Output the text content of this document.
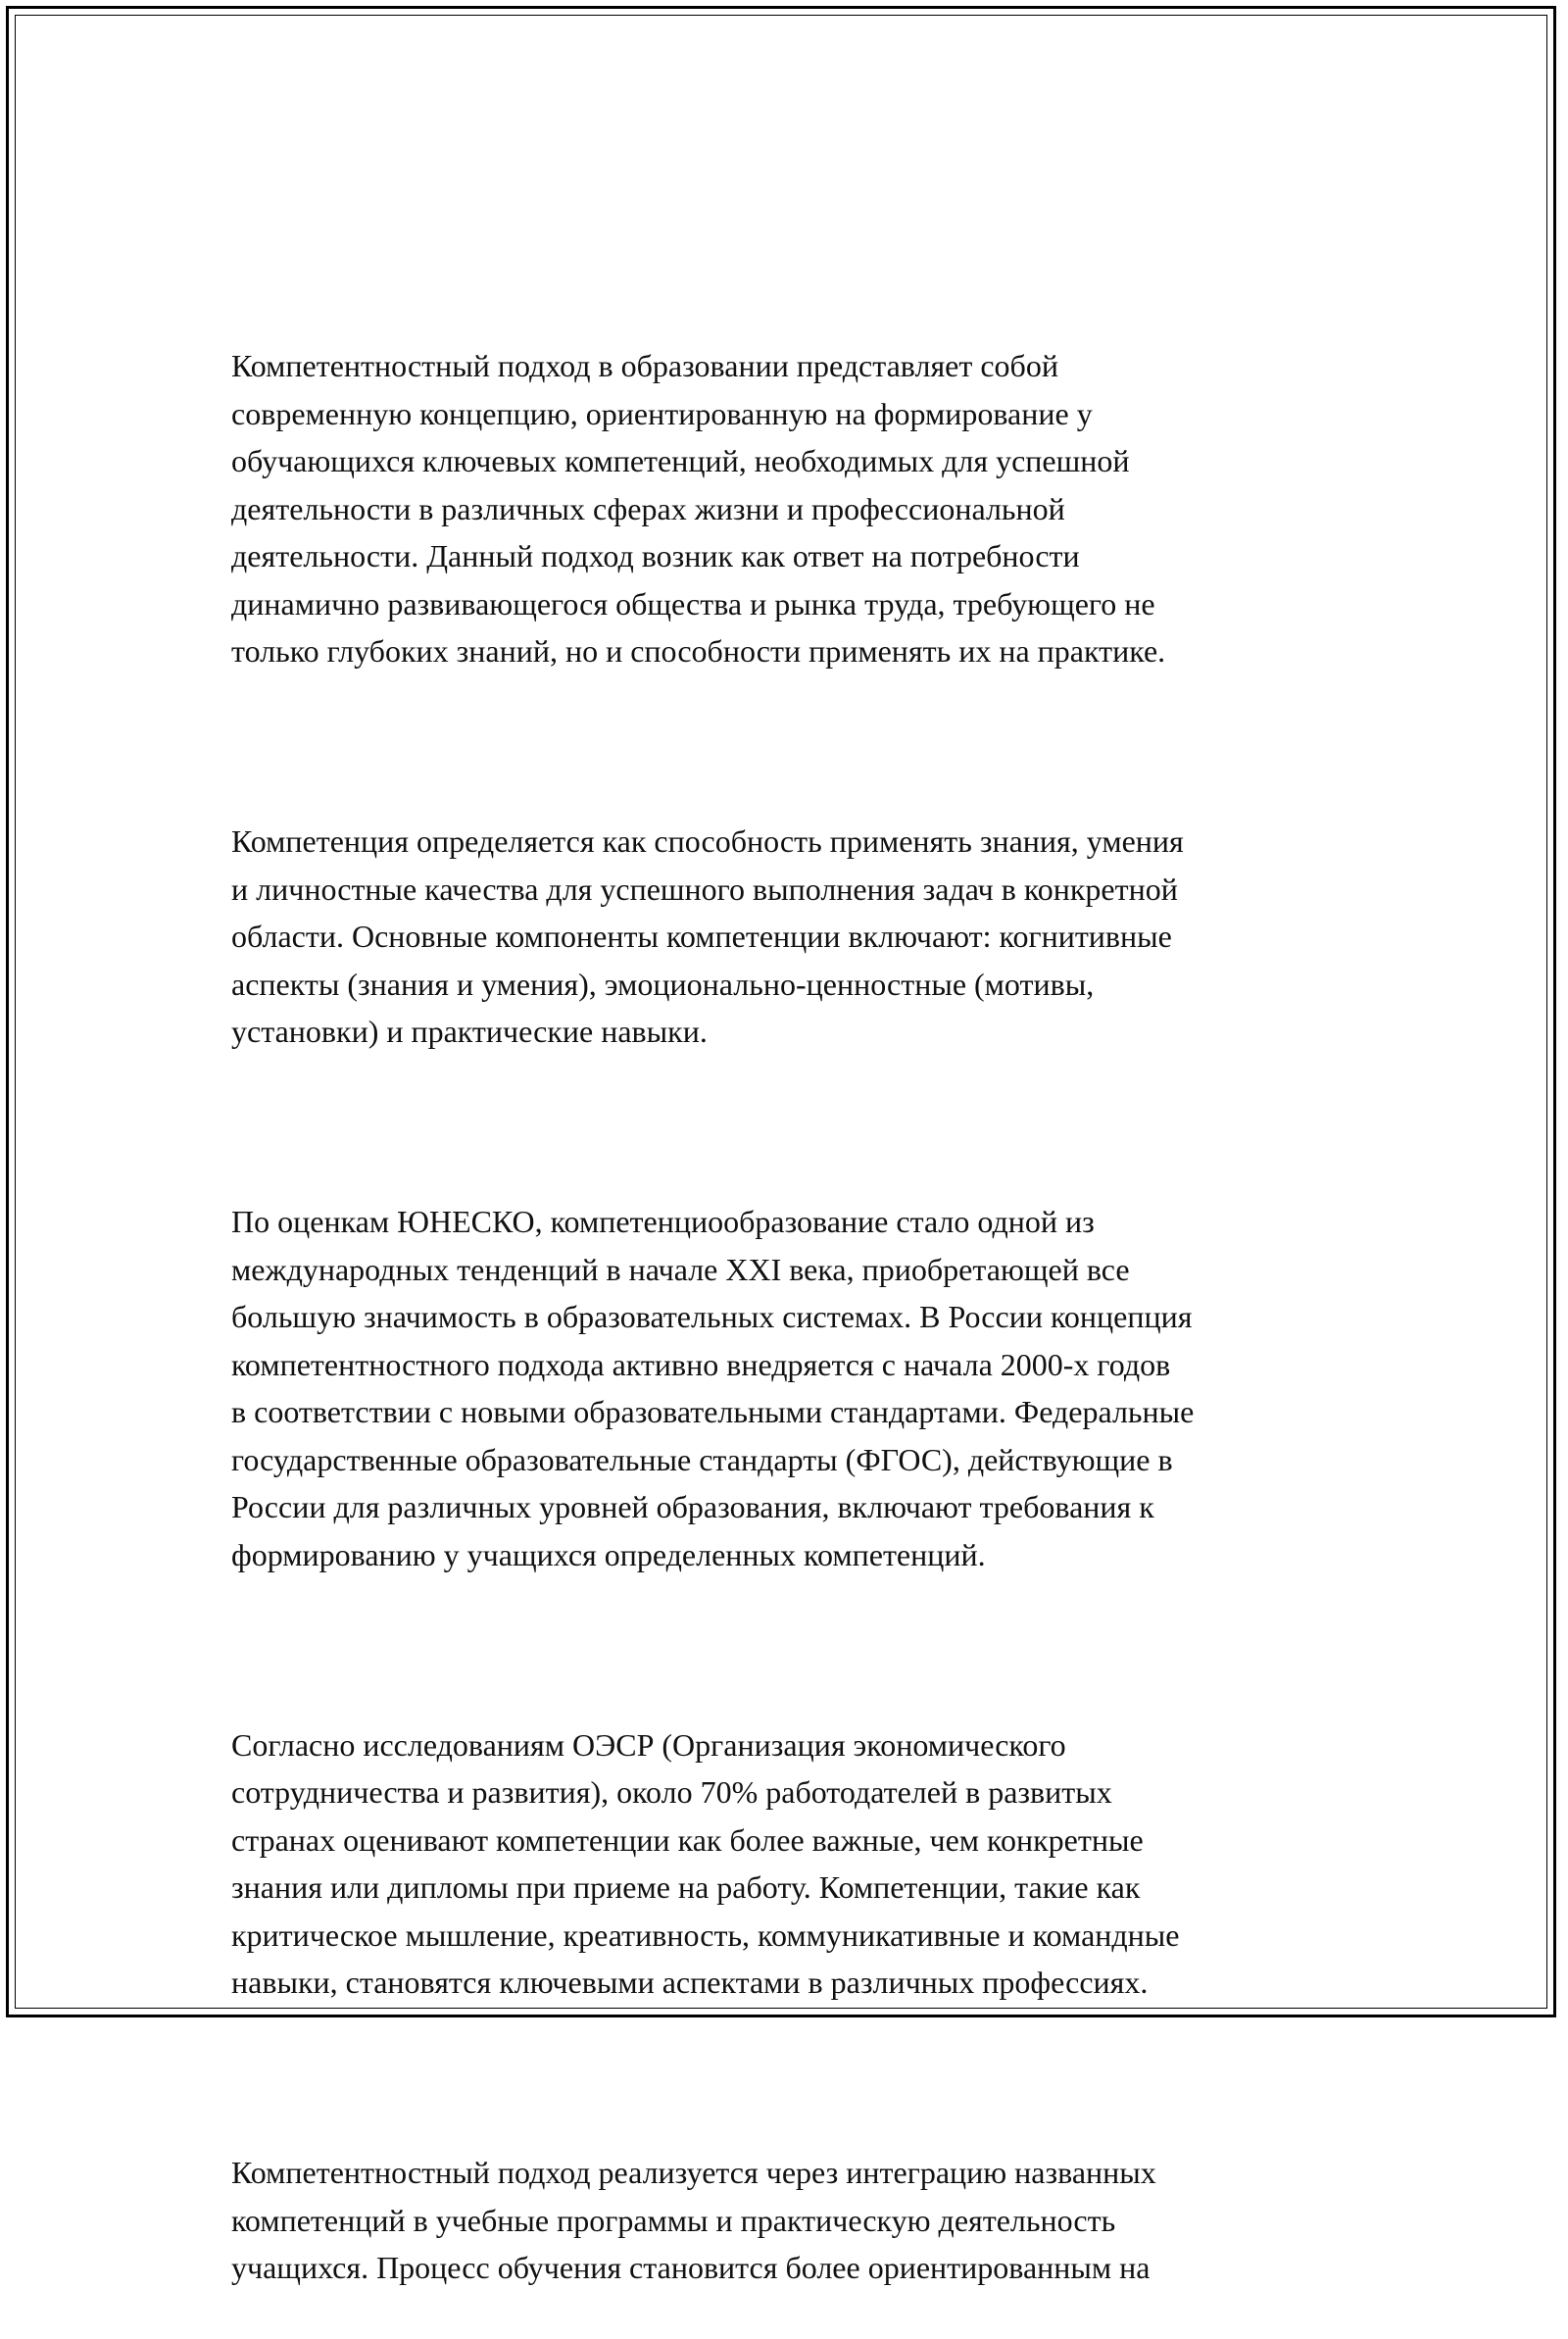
Компетентностный подход в образовании представляет собой
современную концепцию, ориентированную на формирование у
обучающихся ключевых компетенций, необходимых для успешной
деятельности в различных сферах жизни и профессиональной
деятельности. Данный подход возник как ответ на потребности
динамично развивающегося общества и рынка труда, требующего не
только глубоких знаний, но и способности применять их на практике.

Компетенция определяется как способность применять знания, умения
и личностные качества для успешного выполнения задач в конкретной
области. Основные компоненты компетенции включают: когнитивные
аспекты (знания и умения), эмоционально-ценностные (мотивы,
установки) и практические навыки.

По оценкам ЮНЕСКО, компетенциообразование стало одной из
международных тенденций в начале XXI века, приобретающей все
большую значимость в образовательных системах. В России концепция
компетентностного подхода активно внедряется с начала 2000-х годов
в соответствии с новыми образовательными стандартами. Федеральные
государственные образовательные стандарты (ФГОС), действующие в
России для различных уровней образования, включают требования к
формированию у учащихся определенных компетенций.

Согласно исследованиям ОЭСР (Организация экономического
сотрудничества и развития), около 70% работодателей в развитых
странах оценивают компетенции как более важные, чем конкретные
знания или дипломы при приеме на работу. Компетенции, такие как
критическое мышление, креативность, коммуникативные и командные
навыки, становятся ключевыми аспектами в различных профессиях.

Компетентностный подход реализуется через интеграцию названных
компетенций в учебные программы и практическую деятельность
учащихся. Процесс обучения становится более ориентированным на
